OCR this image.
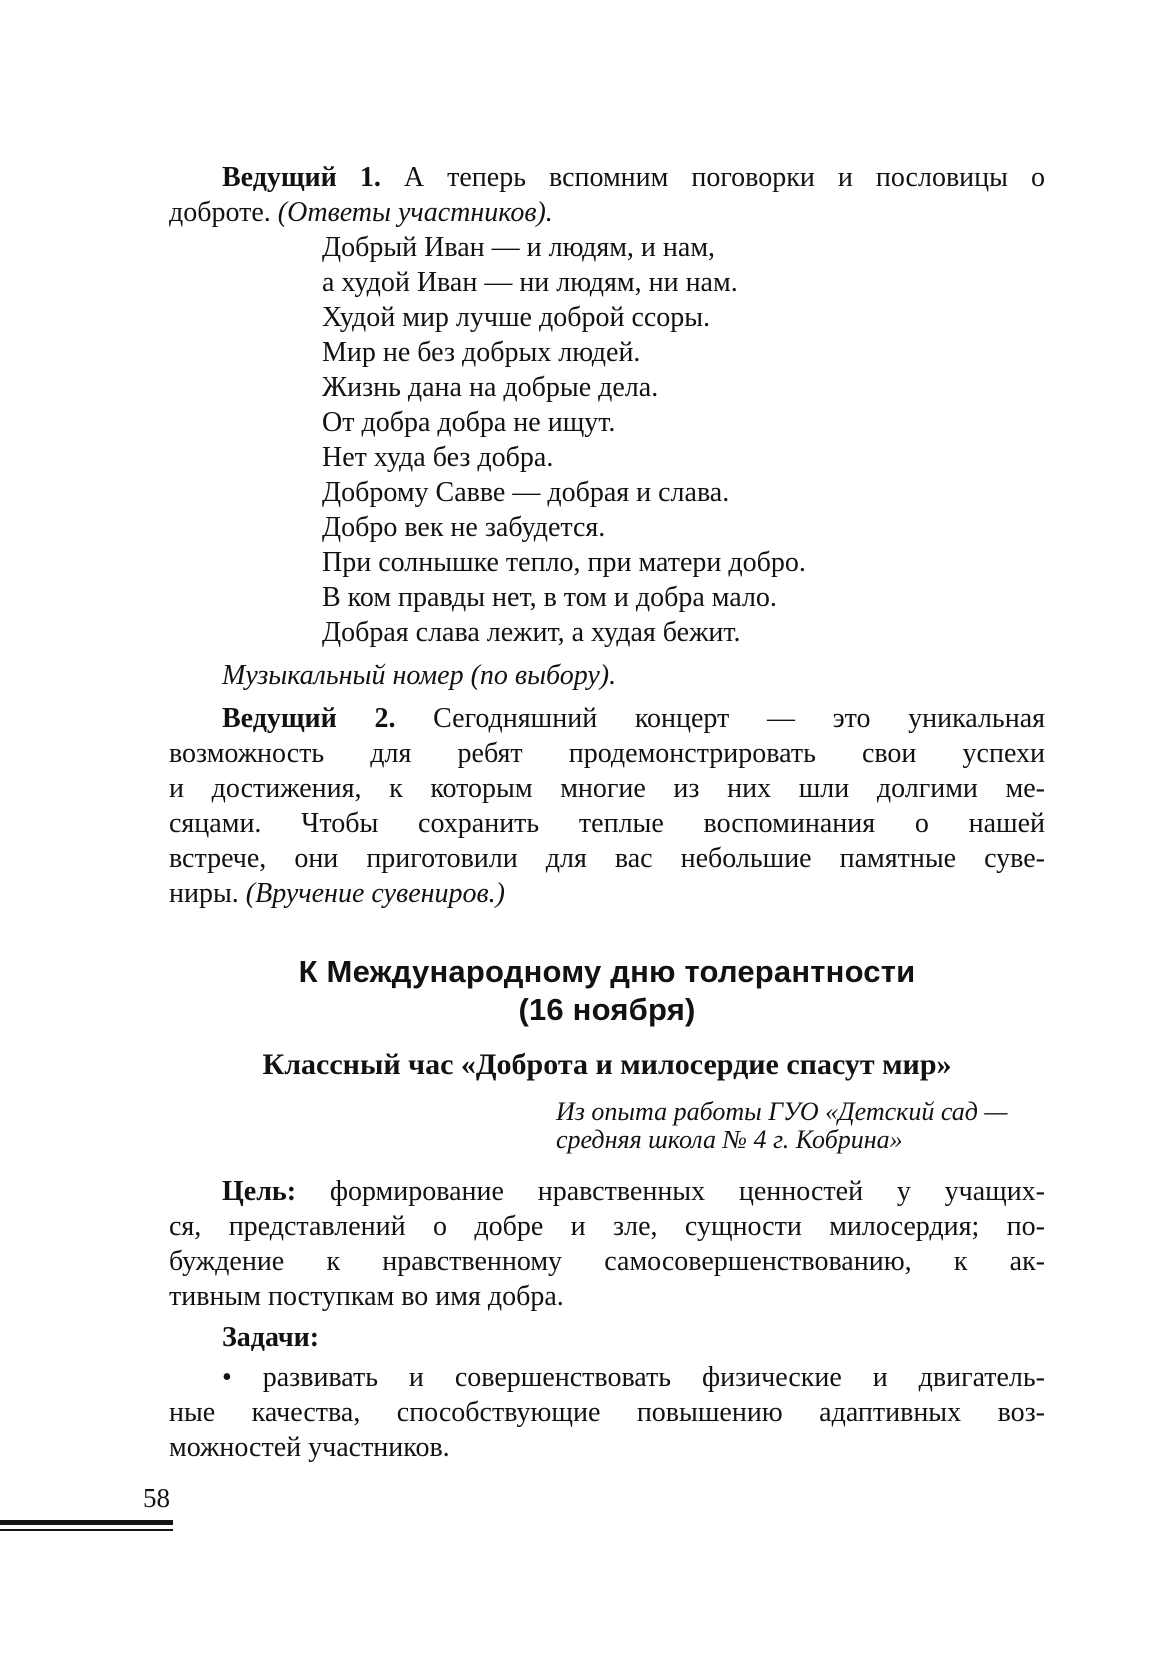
Ведущий 1. А теперь вспомним поговорки и пословицы о
доброте. (Ответы участников).
Добрый Иван — и людям, и нам,
а худой Иван — ни людям, ни нам.
Худой мир лучше доброй ссоры.
Мир не без добрых людей.
Жизнь дана на добрые дела.
От добра добра не ищут.
Нет худа без добра.
Доброму Савве — добрая и слава.
Добро век не забудется.
При солнышке тепло, при матери добро.
В ком правды нет, в том и добра мало.
Добрая слава лежит, а худая бежит.
Музыкальный номер (по выбору).
Ведущий 2. Сегодняшний концерт — это уникальная
возможность для ребят продемонстрировать свои успехи
и достижения, к которым многие из них шли долгими ме-
сяцами. Чтобы сохранить теплые воспоминания о нашей
встрече, они приготовили для вас небольшие памятные суве-
ниры. (Вручение сувениров.)
К Международному дню толерантности
(16 ноября)
Классный час «Доброта и милосердие спасут мир»
Из опыта работы ГУО «Детский сад —
средняя школа № 4 г. Кобрина»
Цель: формирование нравственных ценностей у учащих-
ся, представлений о добре и зле, сущности милосердия; по-
буждение к нравственному самосовершенствованию, к ак-
тивным поступкам во имя добра.
Задачи:
• развивать и совершенствовать физические и двигатель-
ные качества, способствующие повышению адаптивных воз-
можностей участников.
58
